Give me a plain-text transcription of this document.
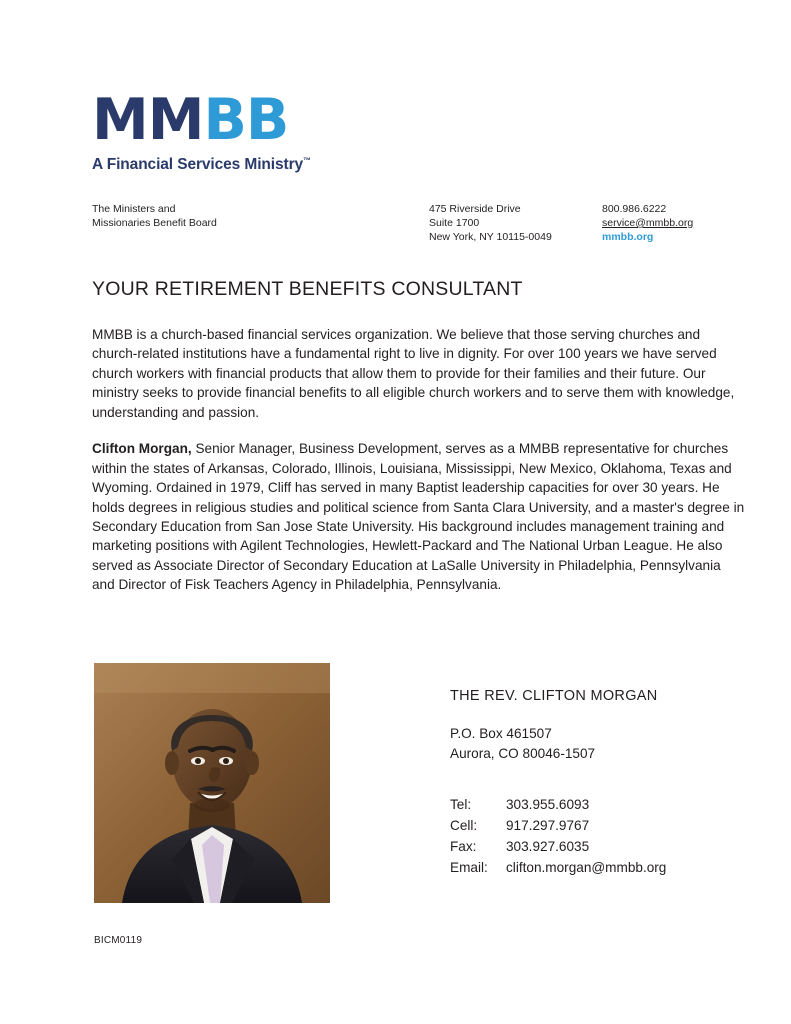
MMBB
A Financial Services Ministry™
The Ministers and
Missionaries Benefit Board
475 Riverside Drive
Suite 1700
New York, NY 10115-0049
800.986.6222
service@mmbb.org
mmbb.org
YOUR RETIREMENT BENEFITS CONSULTANT

MMBB is a church-based financial services organization. We believe that those serving churches and church-related institutions have a fundamental right to live in dignity. For over 100 years we have served church workers with financial products that allow them to provide for their families and their future. Our ministry seeks to provide financial benefits to all eligible church workers and to serve them with knowledge, understanding and passion.

Clifton Morgan, Senior Manager, Business Development, serves as a MMBB representative for churches within the states of Arkansas, Colorado, Illinois, Louisiana, Mississippi, New Mexico, Oklahoma, Texas and Wyoming. Ordained in 1979, Cliff has served in many Baptist leadership capacities for over 30 years. He holds degrees in religious studies and political science from Santa Clara University, and a master's degree in Secondary Education from San Jose State University. His background includes management training and marketing positions with Agilent Technologies, Hewlett-Packard and The National Urban League. He also served as Associate Director of Secondary Education at LaSalle University in Philadelphia, Pennsylvania and Director of Fisk Teachers Agency in Philadelphia, Pennsylvania.

THE REV. CLIFTON MORGAN
P.O. Box 461507
Aurora, CO 80046-1507
Tel:	303.955.6093
Cell:	917.297.9767
Fax:	303.927.6035
Email:	clifton.morgan@mmbb.org
BICM0119
